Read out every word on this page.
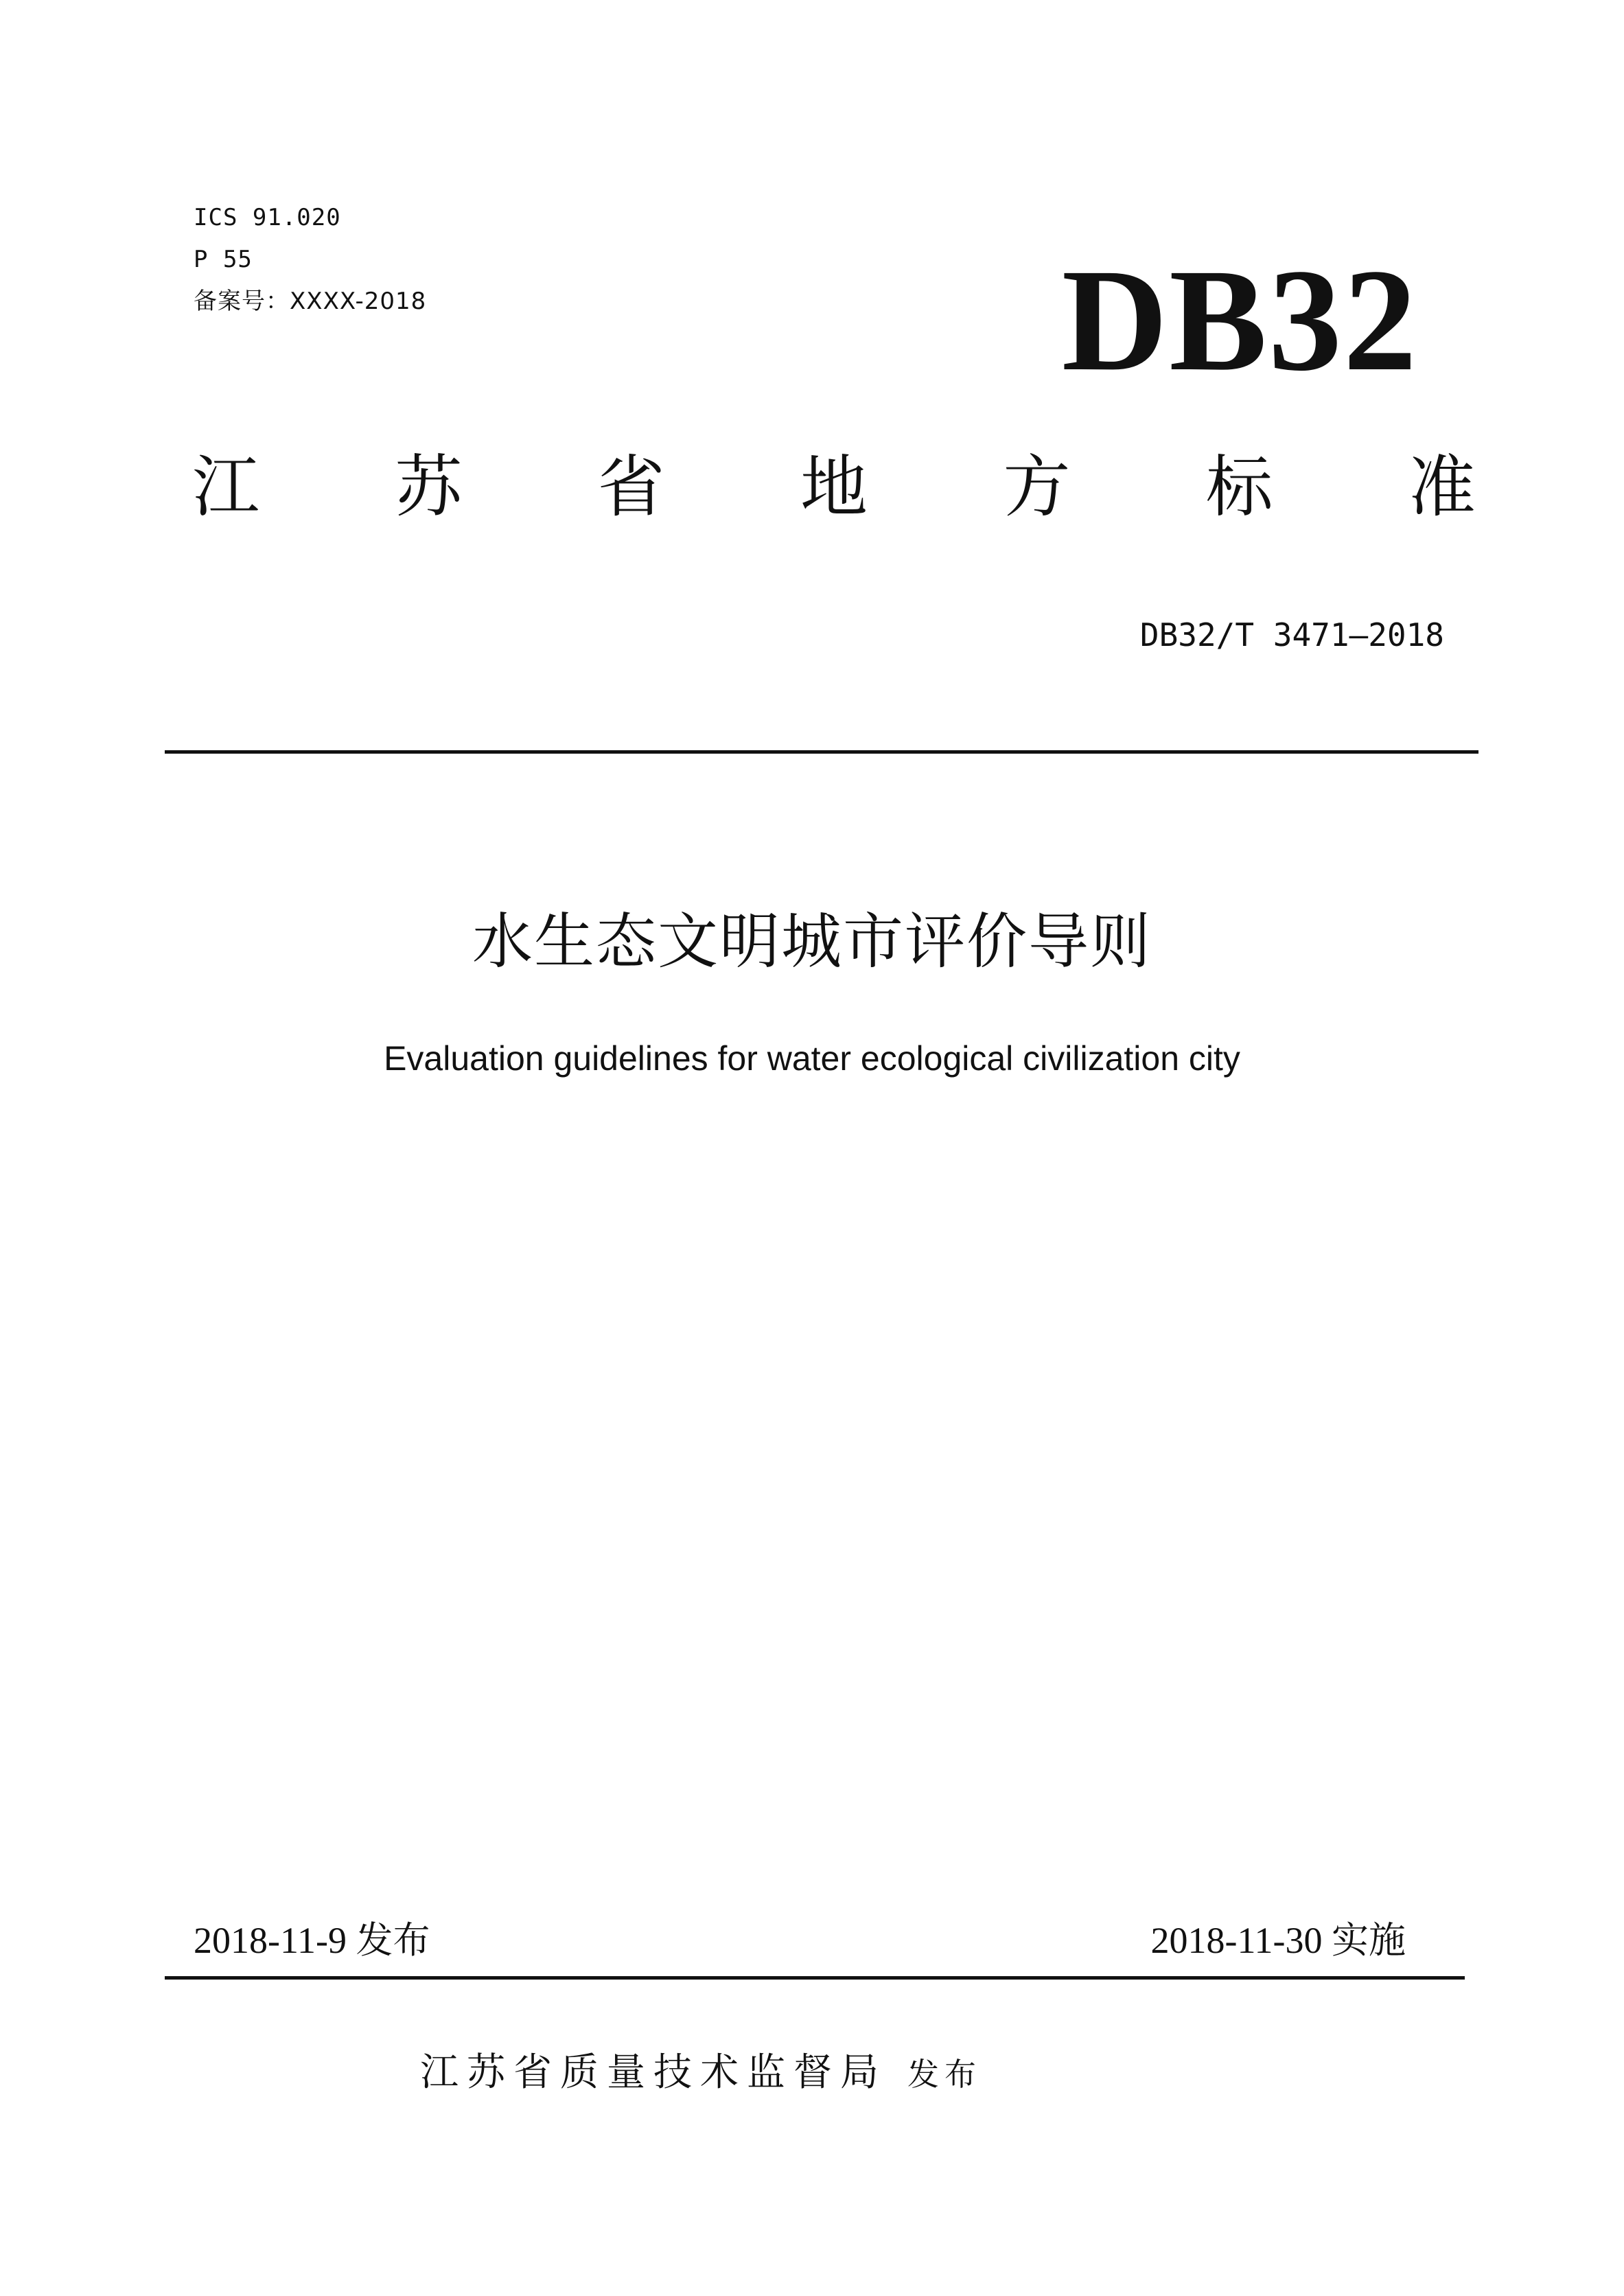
ICS 91.020
P 55
备案号：XXXX-2018	DB32
江 苏 省 地 方 标 准
DB32/T 3471—2018
水生态文明城市评价导则
Evaluation guidelines for water ecological civilization city
2018-11-9 发布	2018-11-30 实施
江苏省质量技术监督局 发布
